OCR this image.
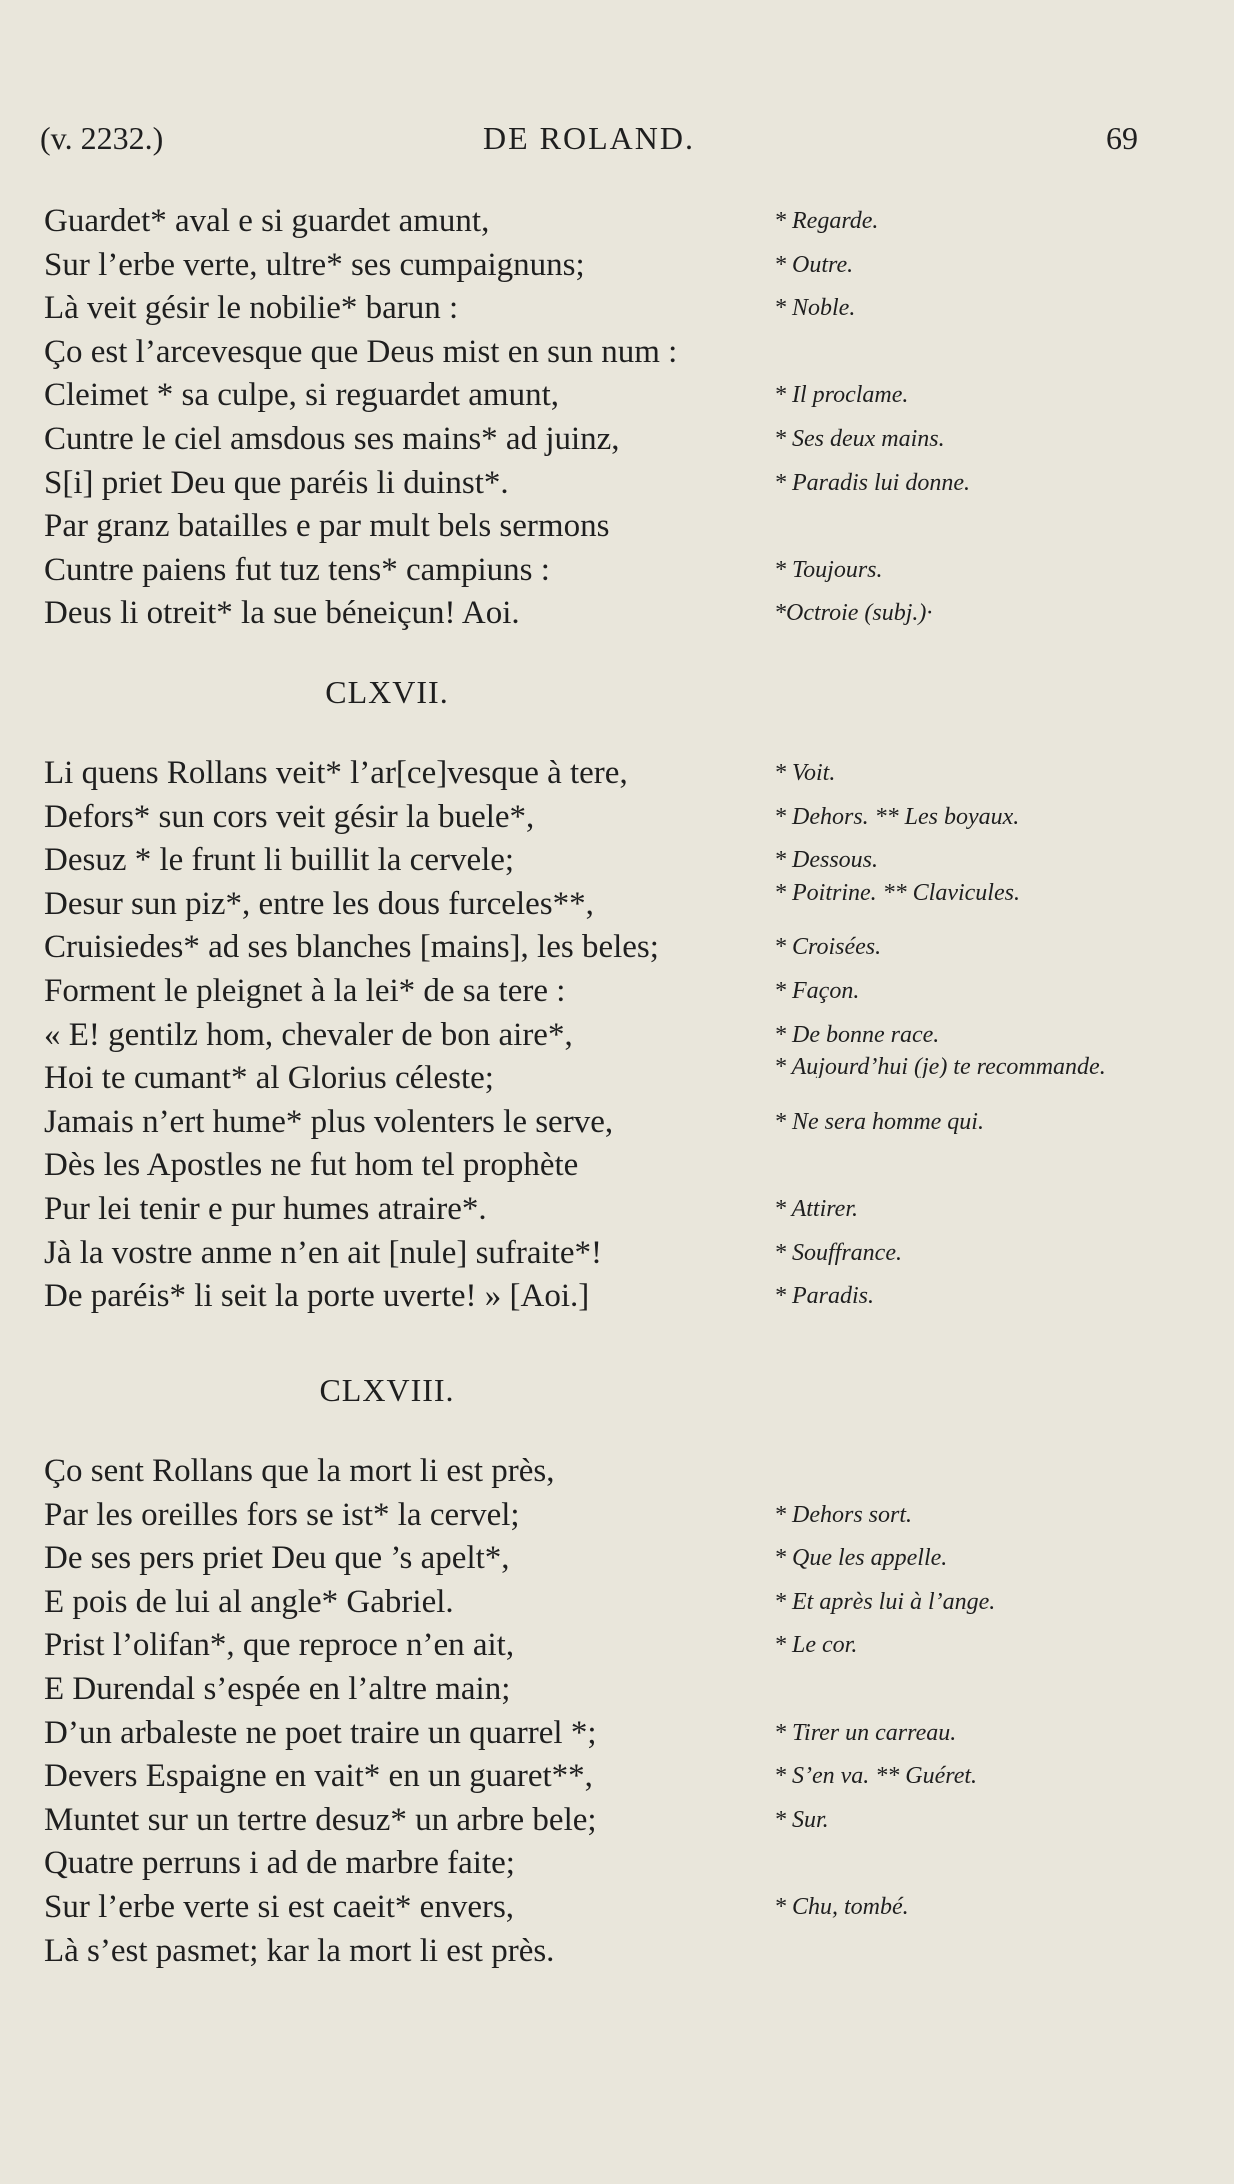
(v. 2232.)	DE ROLAND.	69
Guardet* aval e si guardet amunt,	* Regarde.
Sur l’erbe verte, ultre* ses cumpaignuns;	* Outre.
Là veit gésir le nobilie* barun :	* Noble.
Ço est l’arcevesque que Deus mist en sun num :
Cleimet * sa culpe, si reguardet amunt,	* Il proclame.
Cuntre le ciel amsdous ses mains* ad juinz,	* Ses deux mains.
S[i] priet Deu que paréis li duinst*.	* Paradis lui donne.
Par granz batailles e par mult bels sermons
Cuntre paiens fut tuz tens* campiuns :	* Toujours.
Deus li otreit* la sue béneiçun! Aoi.	*Octroie (subj.)·
CLXVII.
Li quens Rollans veit* l’ar[ce]vesque à tere,	* Voit.
Defors* sun cors veit gésir la buele*,	* Dehors. ** Les boyaux.
Desuz * le frunt li buillit la cervele;	* Dessous.
Desur sun piz*, entre les dous furceles**,	* Poitrine. ** Clavicules.
Cruisiedes* ad ses blanches [mains], les beles;	* Croisées.
Forment le pleignet à la lei* de sa tere :	* Façon.
« E! gentilz hom, chevaler de bon aire*,	* De bonne race.
Hoi te cumant* al Glorius céleste;	* Aujourd’hui (je) te recommande.
Jamais n’ert hume* plus volenters le serve,	* Ne sera homme qui.
Dès les Apostles ne fut hom tel prophète
Pur lei tenir e pur humes atraire*.	* Attirer.
Jà la vostre anme n’en ait [nule] sufraite*!	* Souffrance.
De paréis* li seit la porte uverte! » [Aoi.]	* Paradis.
CLXVIII.
Ço sent Rollans que la mort li est près,
Par les oreilles fors se ist* la cervel;	* Dehors sort.
De ses pers priet Deu que ’s apelt*,	* Que les appelle.
E pois de lui al angle* Gabriel.	* Et après lui à l’ange.
Prist l’olifan*, que reproce n’en ait,	* Le cor.
E Durendal s’espée en l’altre main;
D’un arbaleste ne poet traire un quarrel *;	* Tirer un carreau.
Devers Espaigne en vait* en un guaret**,	* S’en va. ** Guéret.
Muntet sur un tertre desuz* un arbre bele;	* Sur.
Quatre perruns i ad de marbre faite;
Sur l’erbe verte si est caeit* envers,	* Chu, tombé.
Là s’est pasmet; kar la mort li est près.
